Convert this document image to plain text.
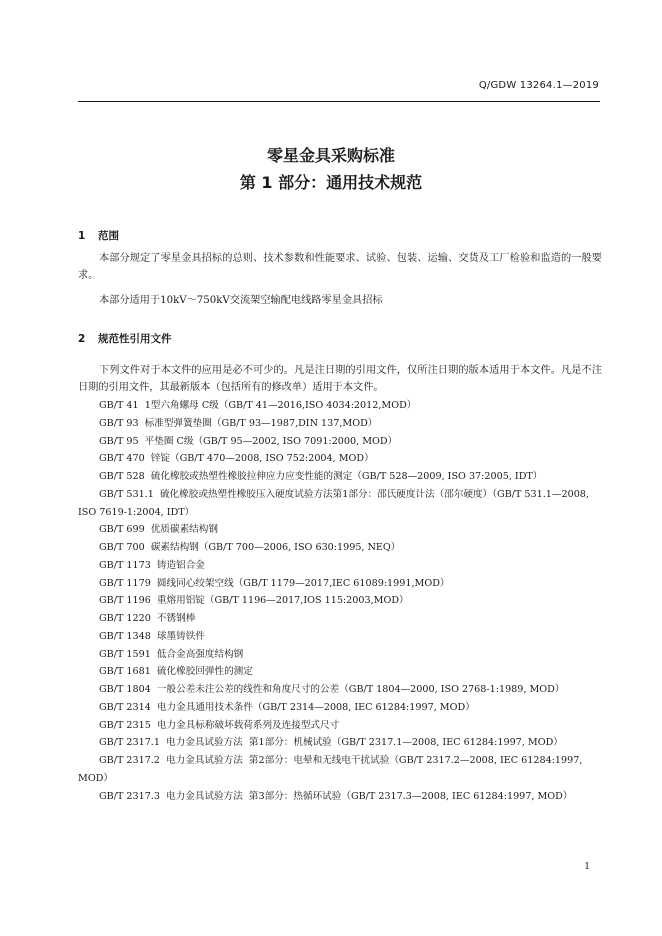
Q/GDW 13264.1—2019
零星金具采购标准
第 1 部分：通用技术规范
1 范围

本部分规定了零星金具招标的总则、技术参数和性能要求、试验、包装、运输、交货及工厂检验和监造的一般要求。

本部分适用于10kV～750kV交流架空输配电线路零星金具招标

2 规范性引用文件

下列文件对于本文件的应用是必不可少的。凡是注日期的引用文件，仅所注日期的版本适用于本文件。凡是不注日期的引用文件，其最新版本（包括所有的修改单）适用于本文件。

GB/T 41  1型六角螺母 C级（GB/T 41—2016,ISO 4034:2012,MOD）
GB/T 93  标准型弹簧垫圈（GB/T 93—1987,DIN 137,MOD）
GB/T 95  平垫圈 C级（GB/T 95—2002, ISO 7091:2000, MOD）
GB/T 470  锌锭（GB/T 470—2008, ISO 752:2004, MOD）
GB/T 528  硫化橡胶或热塑性橡胶拉伸应力应变性能的测定（GB/T 528—2009, ISO 37:2005, IDT）
GB/T 531.1  硫化橡胶或热塑性橡胶压入硬度试验方法第1部分：邵氏硬度计法（邵尔硬度）（GB/T 531.1—2008, ISO 7619-1:2004, IDT）
GB/T 699  优质碳素结构钢
GB/T 700  碳素结构钢（GB/T 700—2006, ISO 630:1995, NEQ）
GB/T 1173  铸造铝合金
GB/T 1179  圆线同心绞架空线（GB/T 1179—2017,IEC 61089:1991,MOD）
GB/T 1196  重熔用铝锭（GB/T 1196—2017,IOS 115:2003,MOD）
GB/T 1220  不锈钢棒
GB/T 1348  球墨铸铁件
GB/T 1591  低合金高强度结构钢
GB/T 1681  硫化橡胶回弹性的测定
GB/T 1804  一般公差未注公差的线性和角度尺寸的公差（GB/T 1804—2000, ISO 2768-1:1989, MOD）
GB/T 2314  电力金具通用技术条件（GB/T 2314—2008, IEC 61284:1997, MOD）
GB/T 2315  电力金具标称破坏载荷系列及连接型式尺寸
GB/T 2317.1  电力金具试验方法  第1部分：机械试验（GB/T 2317.1—2008, IEC 61284:1997, MOD）
GB/T 2317.2  电力金具试验方法  第2部分：电晕和无线电干扰试验（GB/T 2317.2—2008, IEC 61284:1997, MOD）
GB/T 2317.3  电力金具试验方法  第3部分：热循环试验（GB/T 2317.3—2008, IEC 61284:1997, MOD）
1
